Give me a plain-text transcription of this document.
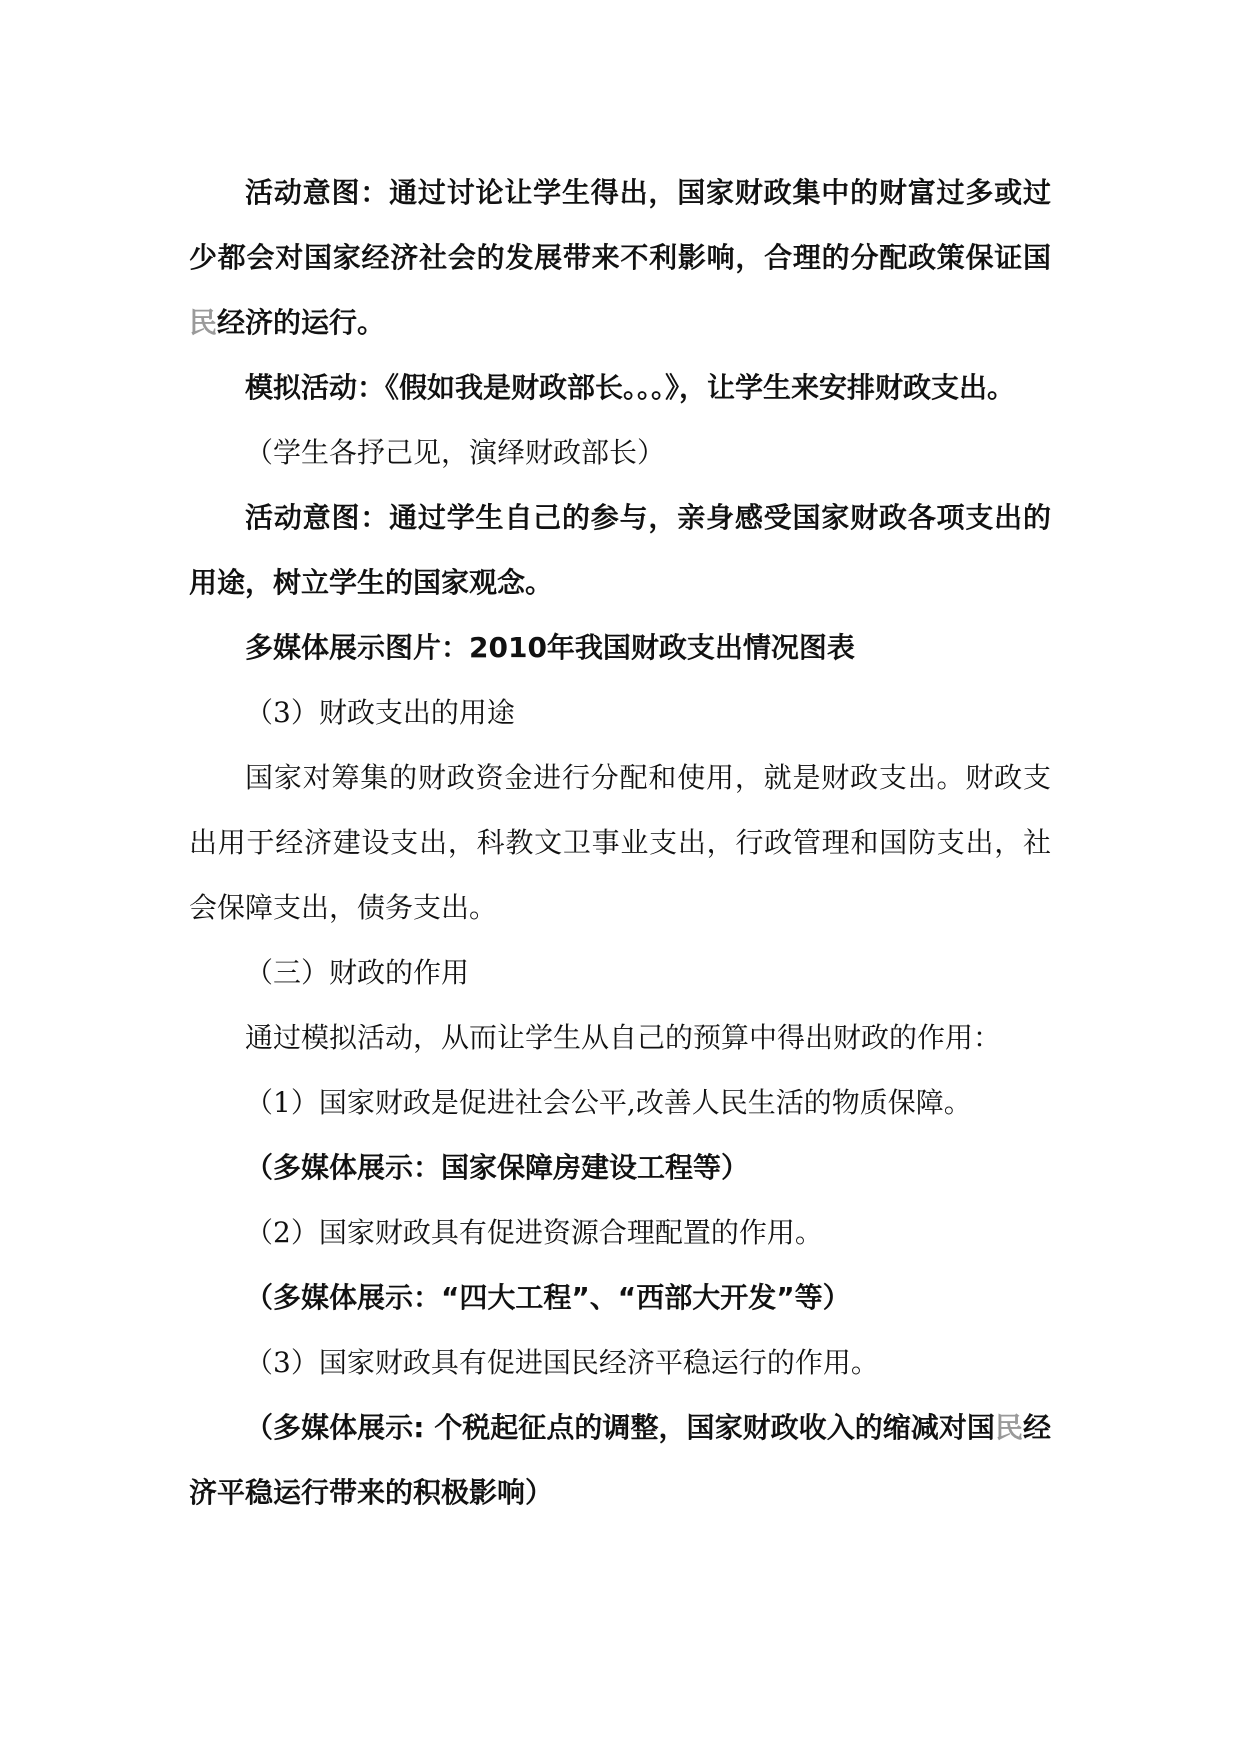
活动意图：通过讨论让学生得出，国家财政集中的财富过多或过少都会对国家经济社会的发展带来不利影响，合理的分配政策保证国民经济的运行。

模拟活动：《假如我是财政部长。。。》，让学生来安排财政支出。

（学生各抒己见，演绎财政部长）

活动意图：通过学生自己的参与，亲身感受国家财政各项支出的用途，树立学生的国家观念。

多媒体展示图片：2010年我国财政支出情况图表

（3）财政支出的用途

国家对筹集的财政资金进行分配和使用，就是财政支出。财政支出用于经济建设支出，科教文卫事业支出，行政管理和国防支出，社会保障支出，债务支出。

（三）财政的作用

通过模拟活动，从而让学生从自己的预算中得出财政的作用：

（1）国家财政是促进社会公平,改善人民生活的物质保障。

（多媒体展示：国家保障房建设工程等）

（2）国家财政具有促进资源合理配置的作用。

（多媒体展示：“四大工程”、“西部大开发”等）

（3）国家财政具有促进国民经济平稳运行的作用。

（多媒体展示: 个税起征点的调整，国家财政收入的缩减对国民经济平稳运行带来的积极影响）
